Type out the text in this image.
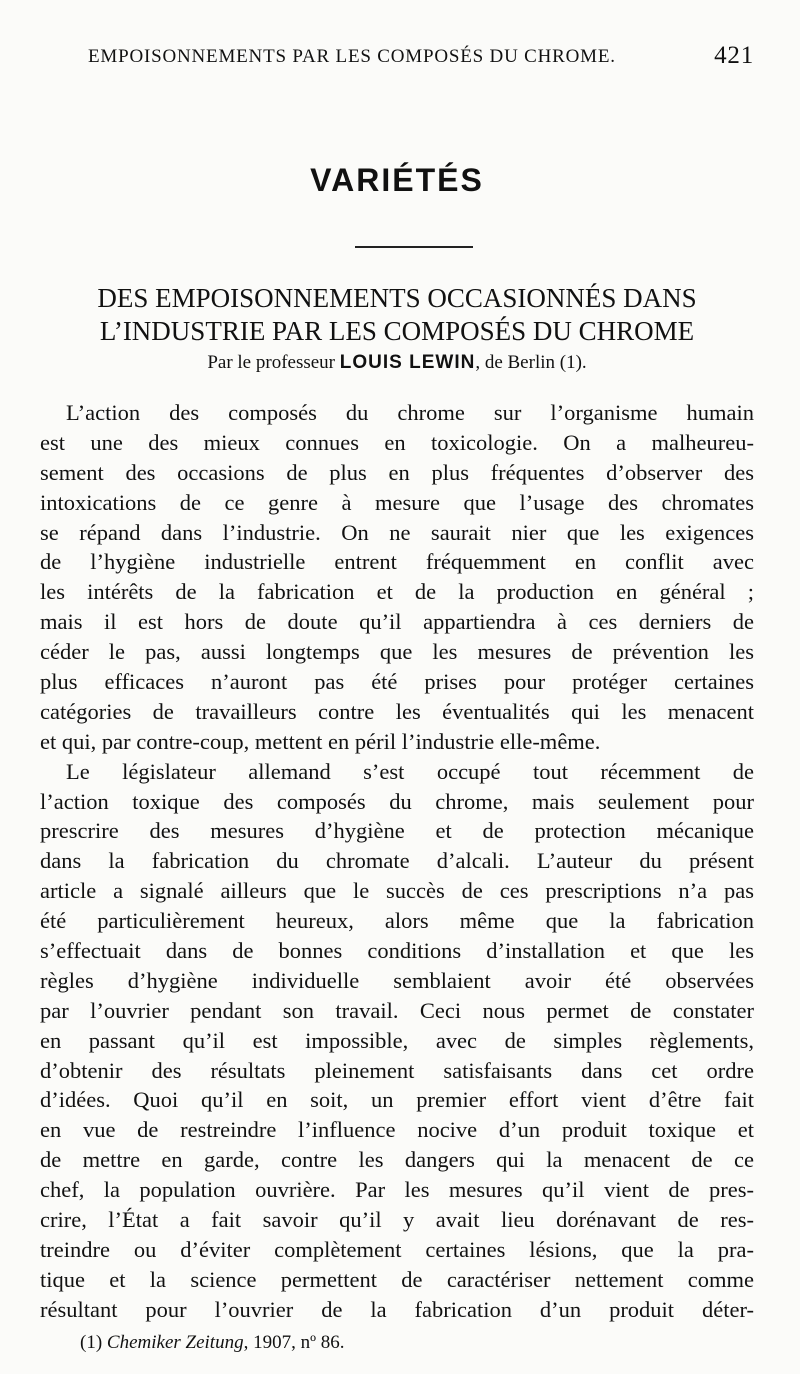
EMPOISONNEMENTS PAR LES COMPOSÉS DU CHROME.	421
VARIÉTÉS
DES EMPOISONNEMENTS OCCASIONNÉS DANS
L’INDUSTRIE PAR LES COMPOSÉS DU CHROME
Par le professeur LOUIS LEWIN, de Berlin (1).
L’action des composés du chrome sur l’organisme humain
est une des mieux connues en toxicologie. On a malheureu-
sement des occasions de plus en plus fréquentes d’observer des
intoxications de ce genre à mesure que l’usage des chromates
se répand dans l’industrie. On ne saurait nier que les exigences
de l’hygiène industrielle entrent fréquemment en conflit avec
les intérêts de la fabrication et de la production en général ;
mais il est hors de doute qu’il appartiendra à ces derniers de
céder le pas, aussi longtemps que les mesures de prévention les
plus efficaces n’auront pas été prises pour protéger certaines
catégories de travailleurs contre les éventualités qui les menacent
et qui, par contre-coup, mettent en péril l’industrie elle-même.
Le législateur allemand s’est occupé tout récemment de
l’action toxique des composés du chrome, mais seulement pour
prescrire des mesures d’hygiène et de protection mécanique
dans la fabrication du chromate d’alcali. L’auteur du présent
article a signalé ailleurs que le succès de ces prescriptions n’a pas
été particulièrement heureux, alors même que la fabrication
s’effectuait dans de bonnes conditions d’installation et que les
règles d’hygiène individuelle semblaient avoir été observées
par l’ouvrier pendant son travail. Ceci nous permet de constater
en passant qu’il est impossible, avec de simples règlements,
d’obtenir des résultats pleinement satisfaisants dans cet ordre
d’idées. Quoi qu’il en soit, un premier effort vient d’être fait
en vue de restreindre l’influence nocive d’un produit toxique et
de mettre en garde, contre les dangers qui la menacent de ce
chef, la population ouvrière. Par les mesures qu’il vient de pres-
crire, l’État a fait savoir qu’il y avait lieu dorénavant de res-
treindre ou d’éviter complètement certaines lésions, que la pra-
tique et la science permettent de caractériser nettement comme
résultant pour l’ouvrier de la fabrication d’un produit déter-
(1) Chemiker Zeitung, 1907, nº 86.
